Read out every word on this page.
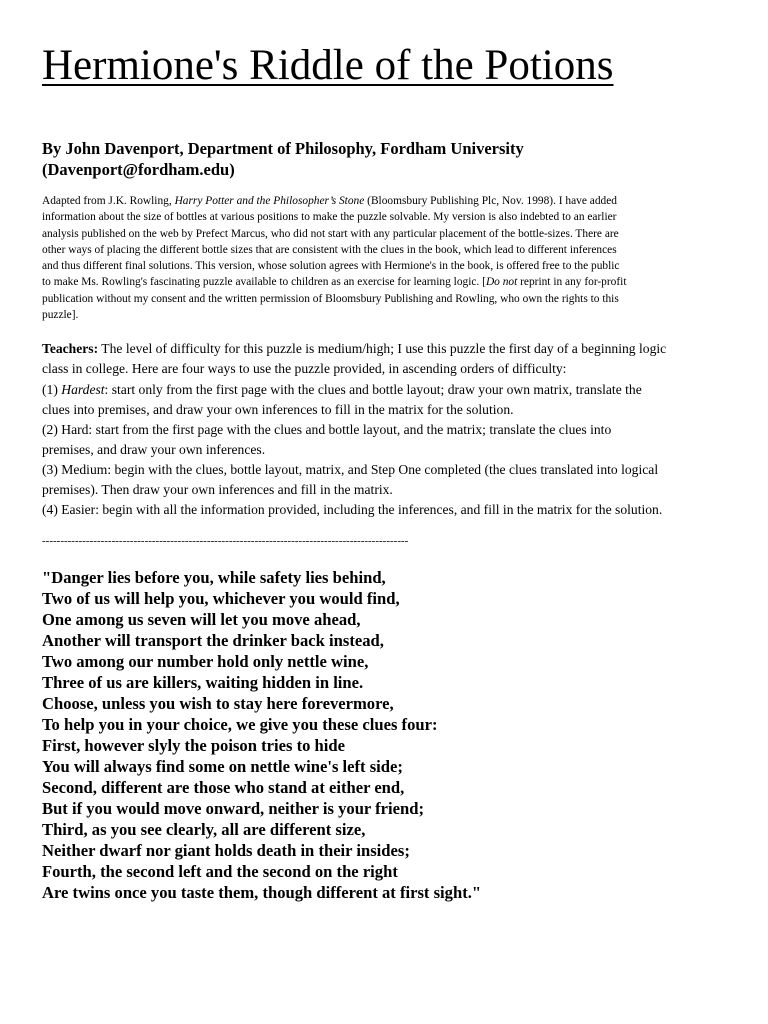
Hermione's Riddle of the Potions
By John Davenport, Department of Philosophy, Fordham University
(Davenport@fordham.edu)
Adapted from J.K. Rowling, Harry Potter and the Philosopher’s Stone (Bloomsbury Publishing Plc, Nov. 1998). I have added
information about the size of bottles at various positions to make the puzzle solvable. My version is also indebted to an earlier
analysis published on the web by Prefect Marcus, who did not start with any particular placement of the bottle-sizes. There are
other ways of placing the different bottle sizes that are consistent with the clues in the book, which lead to different inferences
and thus different final solutions. This version, whose solution agrees with Hermione's in the book, is offered free to the public
to make Ms. Rowling's fascinating puzzle available to children as an exercise for learning logic. [Do not reprint in any for-profit
publication without my consent and the written permission of Bloomsbury Publishing and Rowling, who own the rights to this
puzzle].
Teachers: The level of difficulty for this puzzle is medium/high; I use this puzzle the first day of a beginning logic
class in college. Here are four ways to use the puzzle provided, in ascending orders of difficulty:
(1) Hardest: start only from the first page with the clues and bottle layout; draw your own matrix, translate the
clues into premises, and draw your own inferences to fill in the matrix for the solution.
(2) Hard: start from the first page with the clues and bottle layout, and the matrix; translate the clues into
premises, and draw your own inferences.
(3) Medium: begin with the clues, bottle layout, matrix, and Step One completed (the clues translated into logical
premises). Then draw your own inferences and fill in the matrix.
(4) Easier: begin with all the information provided, including the inferences, and fill in the matrix for the solution.
----------------------------------------------------------------------------------------------------
"Danger lies before you, while safety lies behind,
Two of us will help you, whichever you would find,
One among us seven will let you move ahead,
Another will transport the drinker back instead,
Two among our number hold only nettle wine,
Three of us are killers, waiting hidden in line.
Choose, unless you wish to stay here forevermore,
To help you in your choice, we give you these clues four:
First, however slyly the poison tries to hide
You will always find some on nettle wine's left side;
Second, different are those who stand at either end,
But if you would move onward, neither is your friend;
Third, as you see clearly, all are different size,
Neither dwarf nor giant holds death in their insides;
Fourth, the second left and the second on the right
Are twins once you taste them, though different at first sight."
